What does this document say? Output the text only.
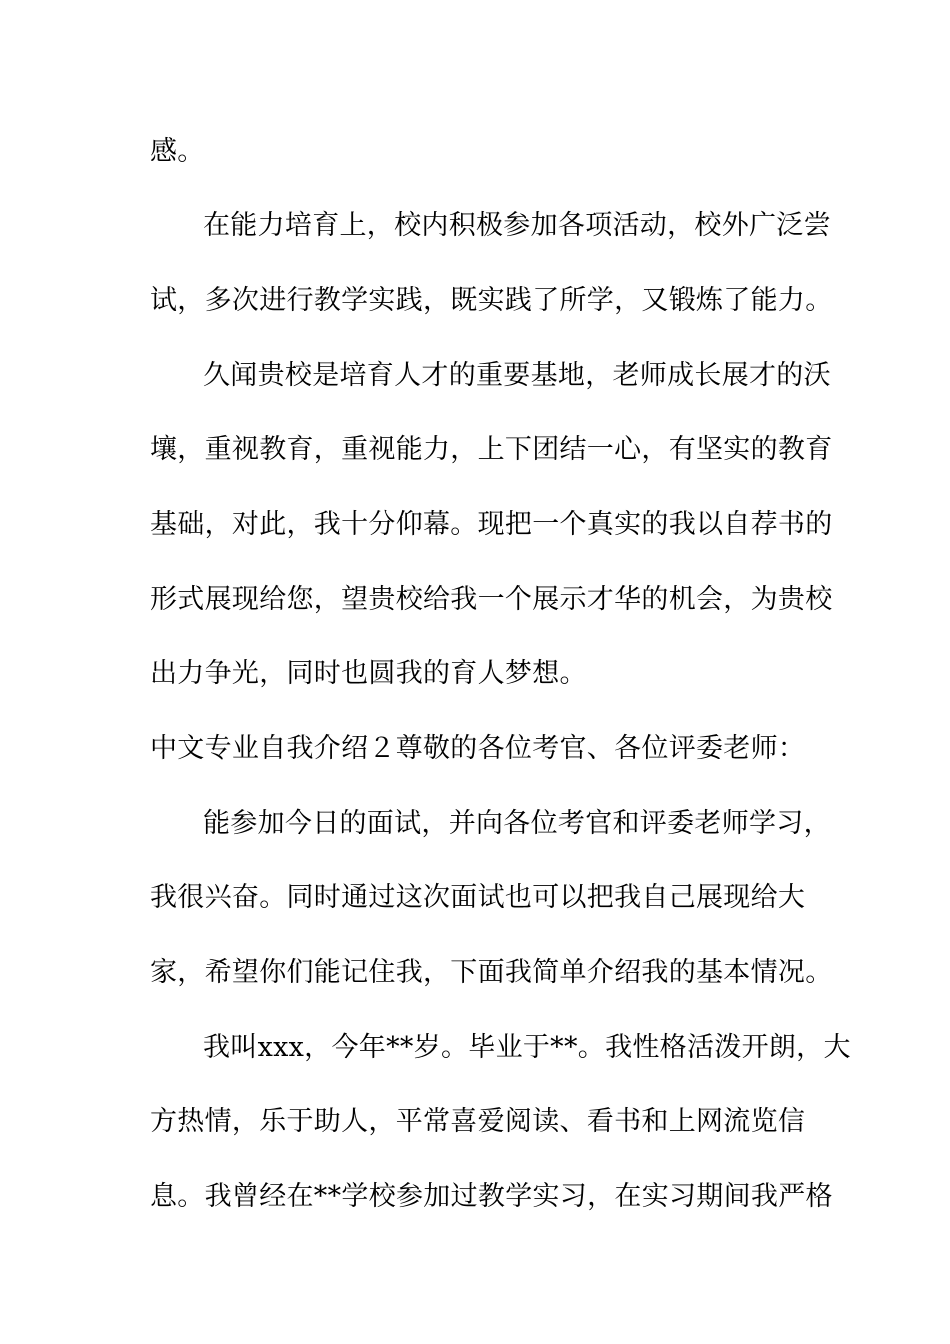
感。
在能力培育上，校内积极参加各项活动，校外广泛尝
试，多次进行教学实践，既实践了所学，又锻炼了能力。
久闻贵校是培育人才的重要基地，老师成长展才的沃
壤，重视教育，重视能力，上下团结一心，有坚实的教育
基础，对此，我十分仰幕。现把一个真实的我以自荐书的
形式展现给您，望贵校给我一个展示才华的机会，为贵校
出力争光，同时也圆我的育人梦想。
中文专业自我介绍２尊敬的各位考官、各位评委老师：
能参加今日的面试，并向各位考官和评委老师学习，
我很兴奋。同时通过这次面试也可以把我自己展现给大
家，希望你们能记住我，下面我简单介绍我的基本情况。
我叫xxx，今年**岁。毕业于**。我性格活泼开朗，大
方热情，乐于助人，平常喜爱阅读、看书和上网流览信
息。我曾经在**学校参加过教学实习，在实习期间我严格
